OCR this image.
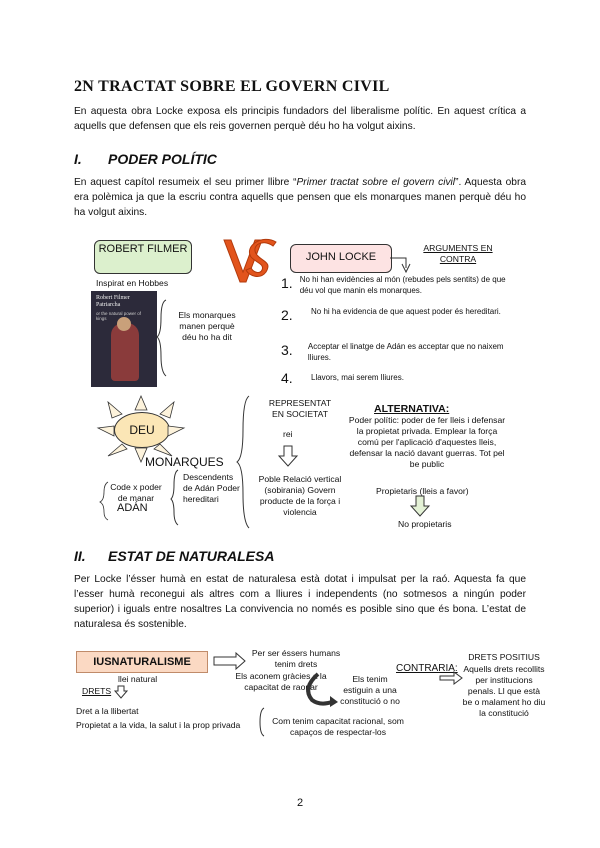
2N TRACTAT SOBRE EL GOVERN CIVIL
En aquesta obra Locke exposa els principis fundadors del liberalisme polític. En aquest crítica a aquells que defensen que els reis governen perquè déu ho ha volgut aixins.
I. PODER POLÍTIC
En aquest capítol resumeix el seu primer llibre “Primer tractat sobre el govern civil”. Aquesta obra era polèmica ja que la escriu contra aquells que pensen que els monarques manen perquè déu ho ha volgut aixins.
ROBERT FILMER
Inspirat en Hobbes
Robert Filmer Patriarcha
or the natural power of kings	Els monarques manen perquè déu ho ha dit
JOHN LOCKE
ARGUMENTS EN CONTRA
1. No hi han evidències al món (rebudes pels sentits) de que déu vol que manin els monarques.
2.	No hi ha evidencia de que aquest poder és hereditari.
3.	Acceptar el linatge de Adán es acceptar que no naixem lliures.
4.	Llavors, mai serem lliures.
DEU
MONARQUES
Code x poder de manar
ADÁN
Descendents de Adán Poder hereditari
REPRESENTAT EN SOCIETAT
rei
Poble Relació vertical (sobirania) Govern producte de la força i violencia
ALTERNATIVA:
Poder polític: poder de fer lleis i defensar la propietat privada. Emplear la força comú per l'aplicació d'aquestes lleis, defensar la nació davant guerras. Tot pel be public
Propietaris (lleis a favor)
No propietaris
II. ESTAT DE NATURALESA
Per Locke l’ésser humà en estat de naturalesa està dotat i impulsat per la raó. Aquesta fa que l’esser humà reconegui als altres com a lliures i independents (no sotmesos a ningún poder superior) i iguals entre nosaltres La convivencia no només es posible sino que és bona. L’estat de naturalesa és sostenible.
IUSNATURALISME
llei natural
DRETS
Dret a la llibertat
Propietat a la vida, la salut i la prop privada
Per ser éssers humans tenim drets
Els aconem gràcies a la capacitat de raonar
Els tenim estiguin a una constitució o no
Com tenim capacitat racional, som capaços de respectar-los
CONTRARIA:
DRETS POSITIUS
Aquells drets recollits per institucions penals. Ll que està be o malament ho diu la constitució
2
